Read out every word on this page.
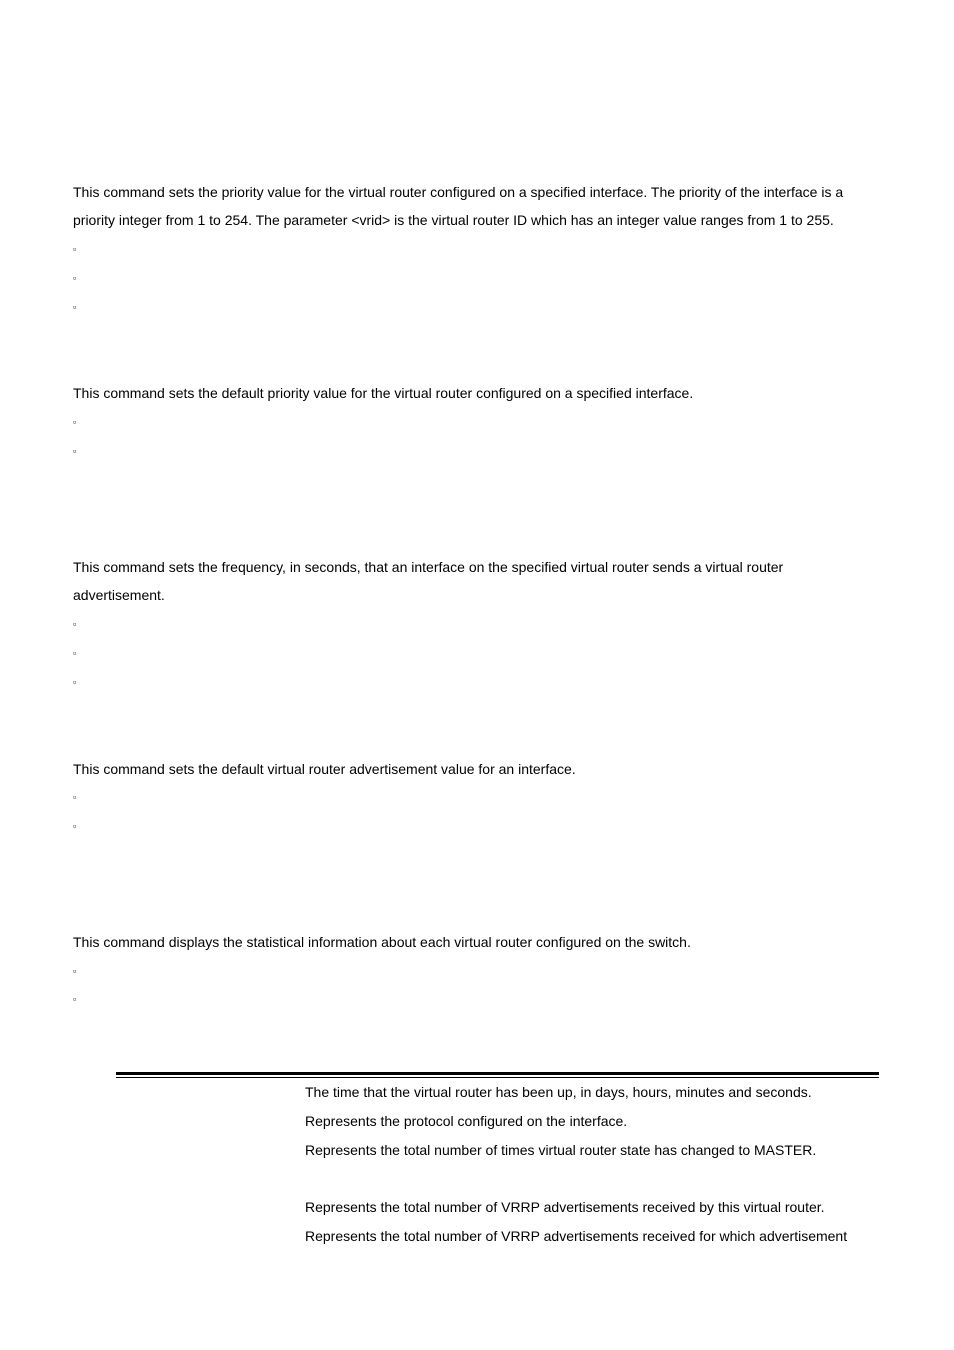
This command sets the priority value for the virtual router configured on a specified interface. The priority of the interface is a priority integer from 1 to 254. The parameter <vrid> is the virtual router ID which has an integer value ranges from 1 to 255.

▫
▫
▫

This command sets the default priority value for the virtual router configured on a specified interface.

▫
▫

This command sets the frequency, in seconds, that an interface on the specified virtual router sends a virtual router advertisement.

▫
▫
▫

This command sets the default virtual router advertisement value for an interface.

▫
▫

This command displays the statistical information about each virtual router configured on the switch.

▫
▫
The time that the virtual router has been up, in days, hours, minutes and seconds.
Represents the protocol configured on the interface.
Represents the total number of times virtual router state has changed to MASTER.
Represents the total number of VRRP advertisements received by this virtual router.
Represents the total number of VRRP advertisements received for which advertisement
